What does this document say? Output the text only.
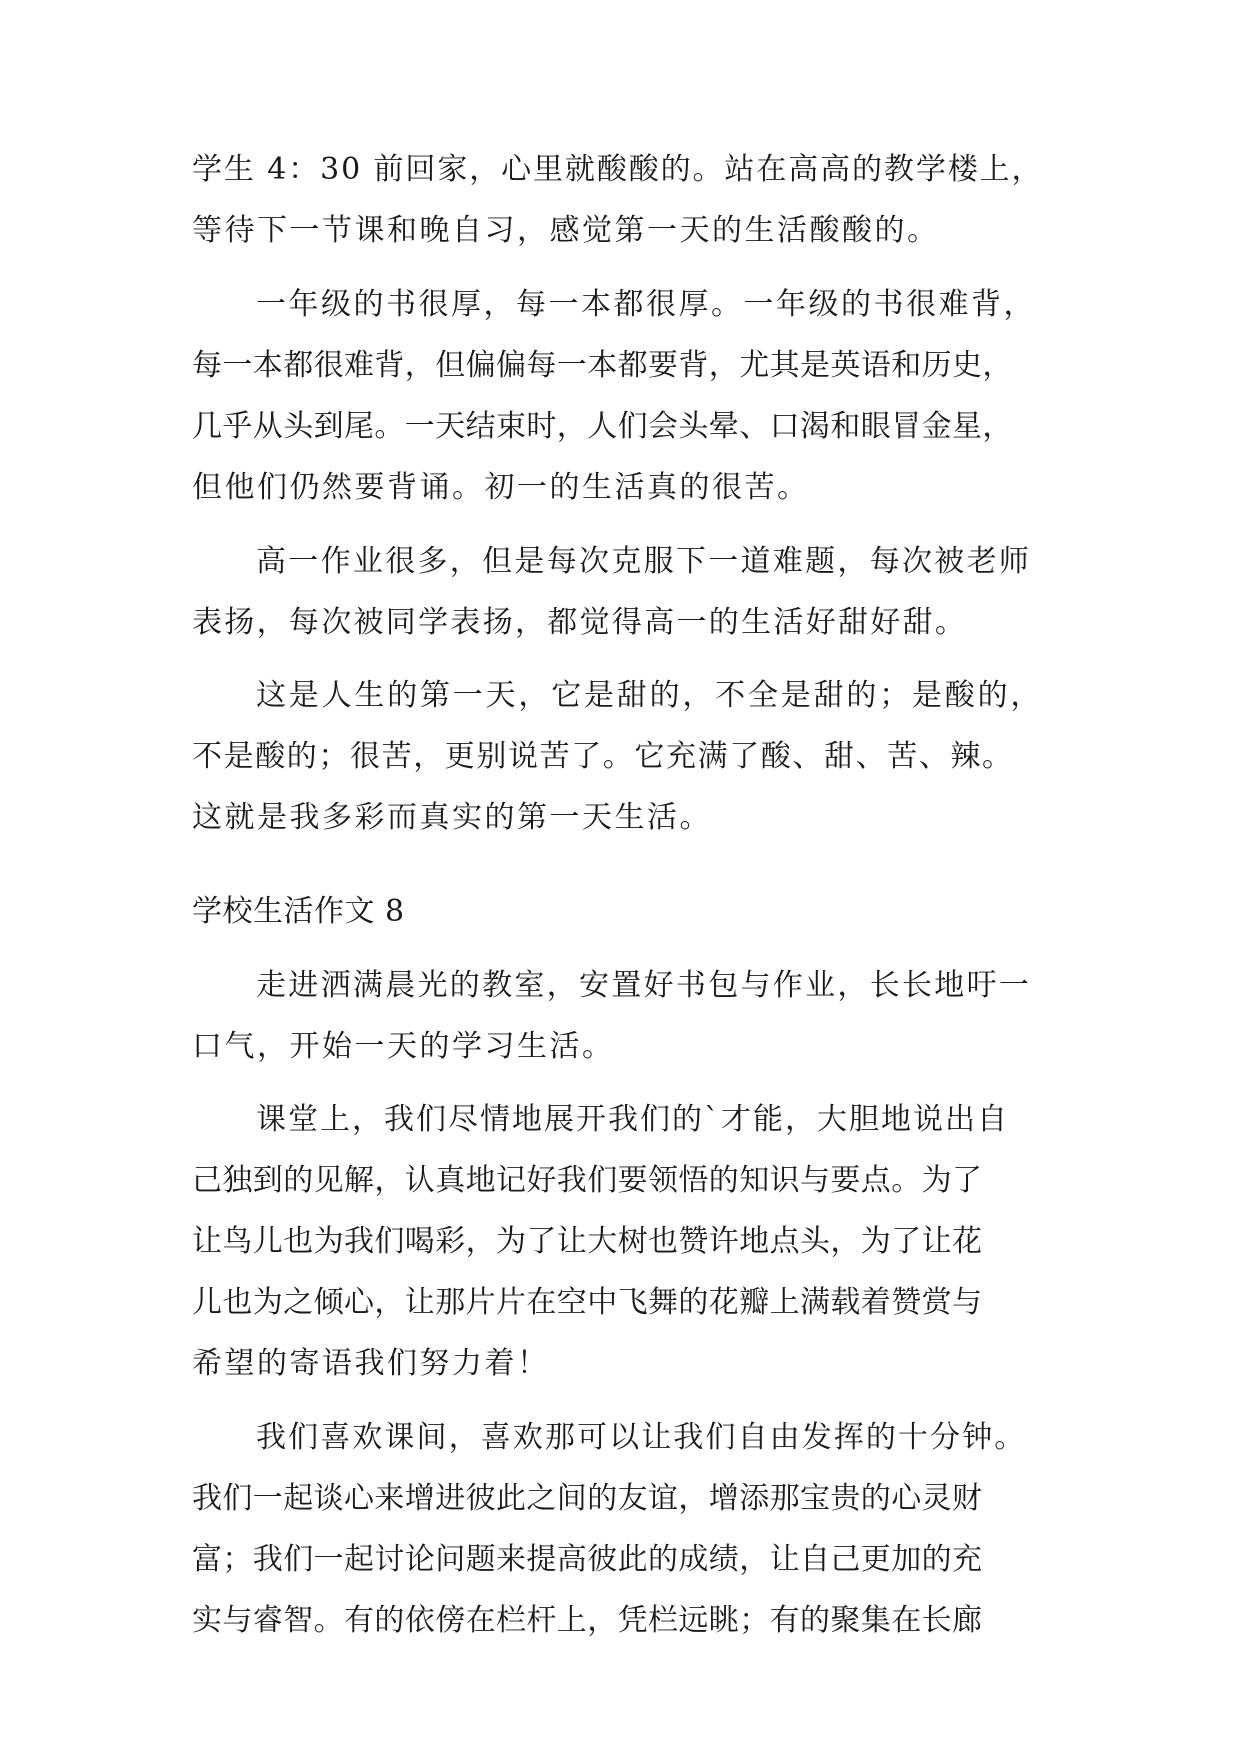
学生 4：30 前回家，心里就酸酸的。站在高高的教学楼上，
等待下一节课和晚自习，感觉第一天的生活酸酸的。
一年级的书很厚，每一本都很厚。一年级的书很难背，
每一本都很难背，但偏偏每一本都要背，尤其是英语和历史，
几乎从头到尾。一天结束时，人们会头晕、口渴和眼冒金星，
但他们仍然要背诵。初一的生活真的很苦。
高一作业很多，但是每次克服下一道难题，每次被老师
表扬，每次被同学表扬，都觉得高一的生活好甜好甜。
这是人生的第一天，它是甜的，不全是甜的；是酸的，
不是酸的；很苦，更别说苦了。它充满了酸、甜、苦、辣。
这就是我多彩而真实的第一天生活。
学校生活作文 8
走进洒满晨光的教室，安置好书包与作业，长长地吁一
口气，开始一天的学习生活。
课堂上，我们尽情地展开我们的`才能，大胆地说出自
己独到的见解，认真地记好我们要领悟的知识与要点。为了
让鸟儿也为我们喝彩，为了让大树也赞许地点头，为了让花
儿也为之倾心，让那片片在空中飞舞的花瓣上满载着赞赏与
希望的寄语我们努力着！
我们喜欢课间，喜欢那可以让我们自由发挥的十分钟。
我们一起谈心来增进彼此之间的友谊，增添那宝贵的心灵财
富；我们一起讨论问题来提高彼此的成绩，让自己更加的充
实与睿智。有的依傍在栏杆上，凭栏远眺；有的聚集在长廊
